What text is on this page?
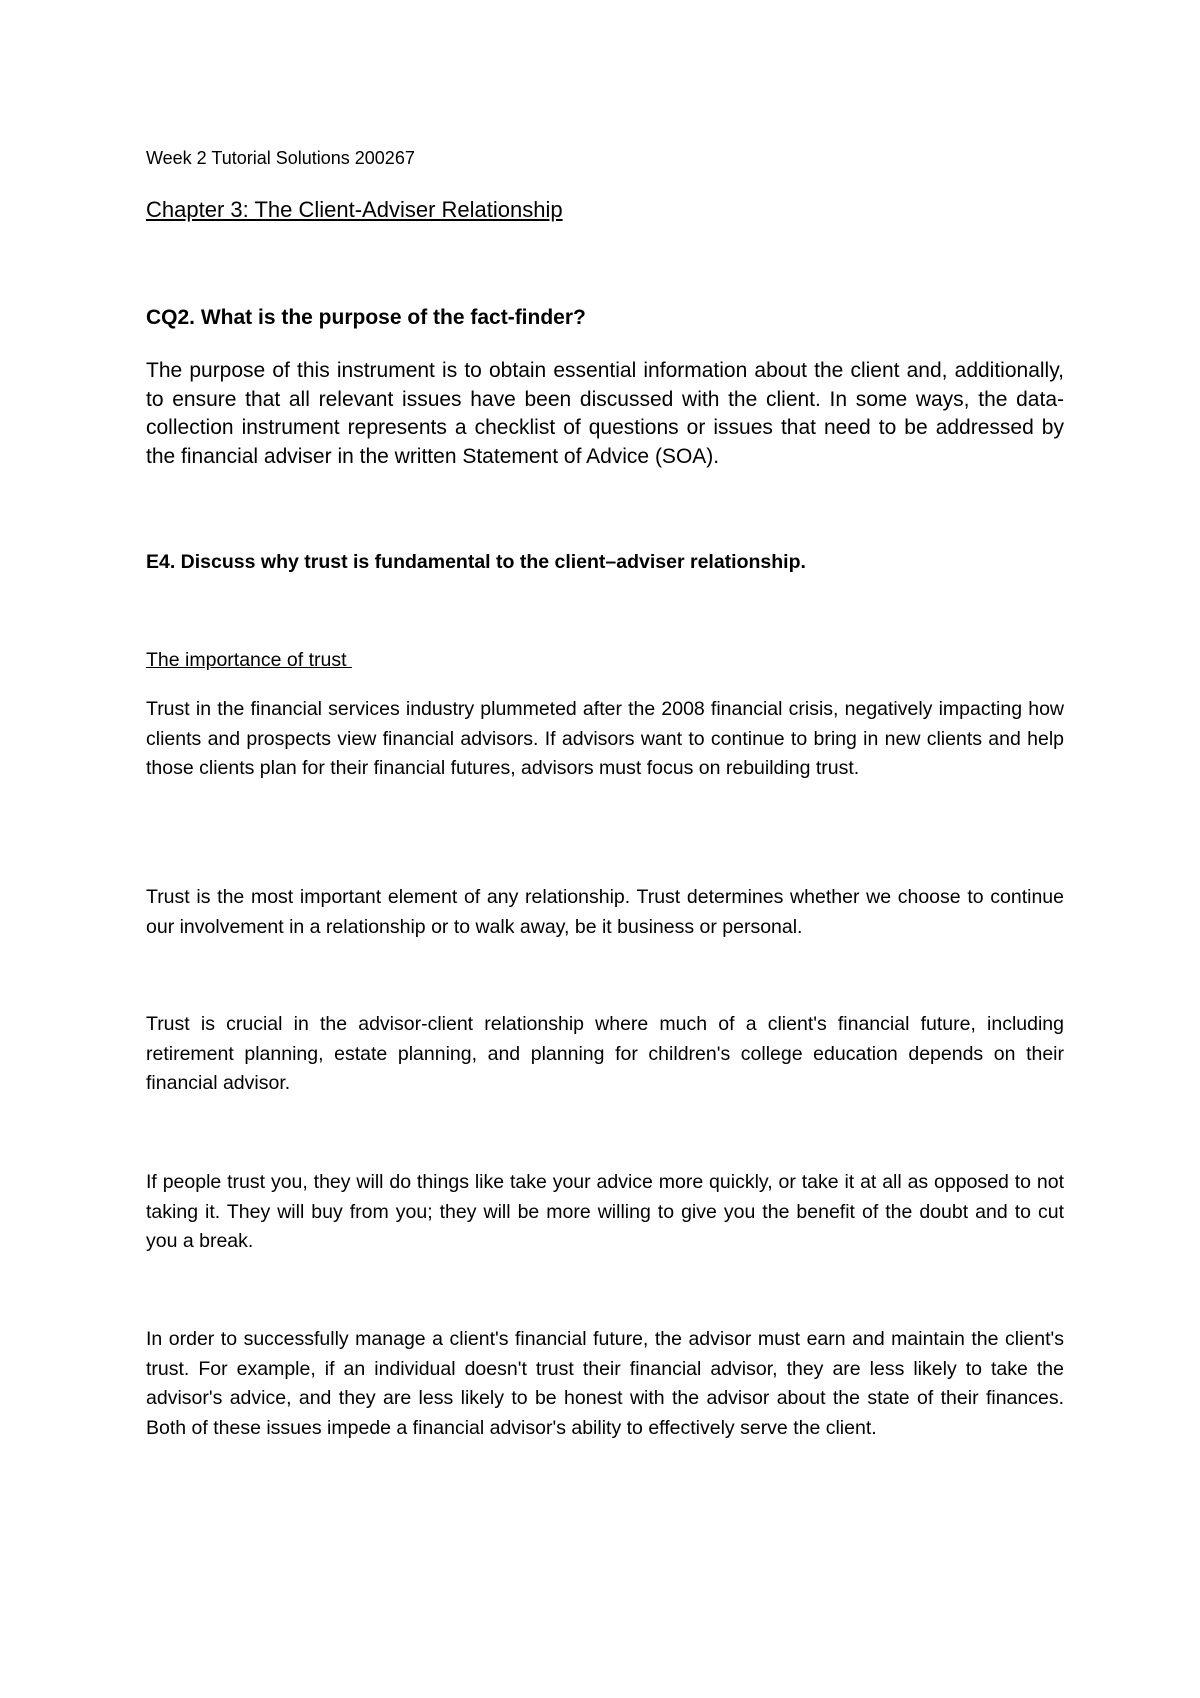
Week 2 Tutorial Solutions 200267
Chapter 3: The Client-Adviser Relationship
CQ2. What is the purpose of the fact-finder?

The purpose of this instrument is to obtain essential information about the client and, additionally, to ensure that all relevant issues have been discussed with the client. In some ways, the data-collection instrument represents a checklist of questions or issues that need to be addressed by the financial adviser in the written Statement of Advice (SOA).

E4. Discuss why trust is fundamental to the client–adviser relationship.
The importance of trust

Trust in the financial services industry plummeted after the 2008 financial crisis, negatively impacting how clients and prospects view financial advisors. If advisors want to continue to bring in new clients and help those clients plan for their financial futures, advisors must focus on rebuilding trust.

Trust is the most important element of any relationship. Trust determines whether we choose to continue our involvement in a relationship or to walk away, be it business or personal.

Trust is crucial in the advisor-client relationship where much of a client's financial future, including retirement planning, estate planning, and planning for children's college education depends on their financial advisor.

If people trust you, they will do things like take your advice more quickly, or take it at all as opposed to not taking it. They will buy from you; they will be more willing to give you the benefit of the doubt and to cut you a break.

In order to successfully manage a client's financial future, the advisor must earn and maintain the client's trust. For example, if an individual doesn't trust their financial advisor, they are less likely to take the advisor's advice, and they are less likely to be honest with the advisor about the state of their finances. Both of these issues impede a financial advisor's ability to effectively serve the client.
